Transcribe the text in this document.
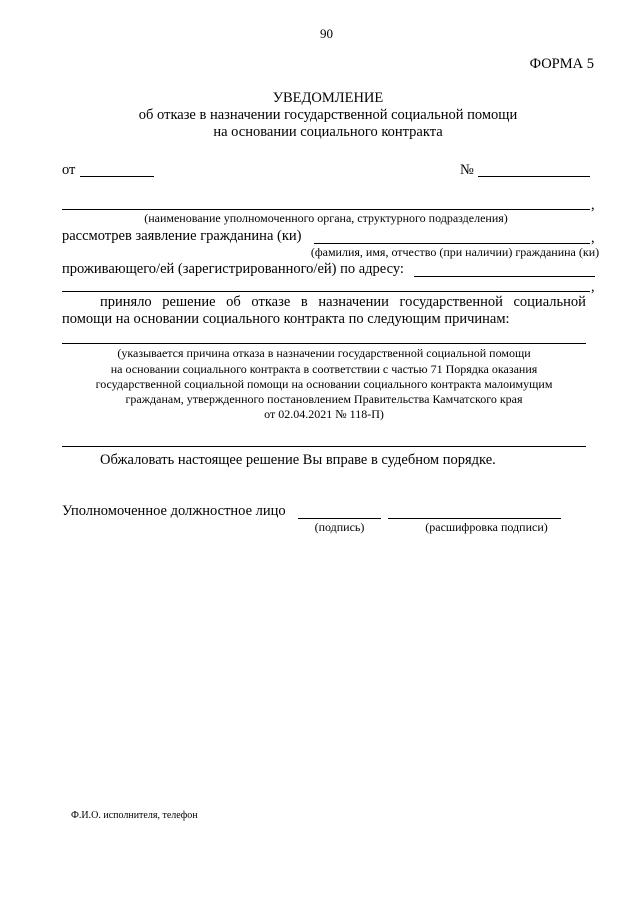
90
ФОРМА 5
УВЕДОМЛЕНИЕ
об отказе в назначении государственной социальной помощи
на основании социального контракта
от	№
,
(наименование уполномоченного органа, структурного подразделения)
рассмотрев заявление гражданина (ки)	,
(фамилия, имя, отчество (при наличии) гражданина (ки)
проживающего/ей (зарегистрированного/ей) по адресу:
,
приняло решение об отказе в назначении государственной социальной
помощи на основании социального контракта по следующим причинам:
(указывается причина отказа в назначении государственной социальной помощи
на основании социального контракта в соответствии с частью 71 Порядка оказания
государственной социальной помощи на основании социального контракта малоимущим
гражданам, утвержденного постановлением Правительства Камчатского края
от 02.04.2021 № 118-П)
Обжаловать настоящее решение Вы вправе в судебном порядке.
Уполномоченное должностное лицо
(подпись)	(расшифровка подписи)
Ф.И.О. исполнителя, телефон
